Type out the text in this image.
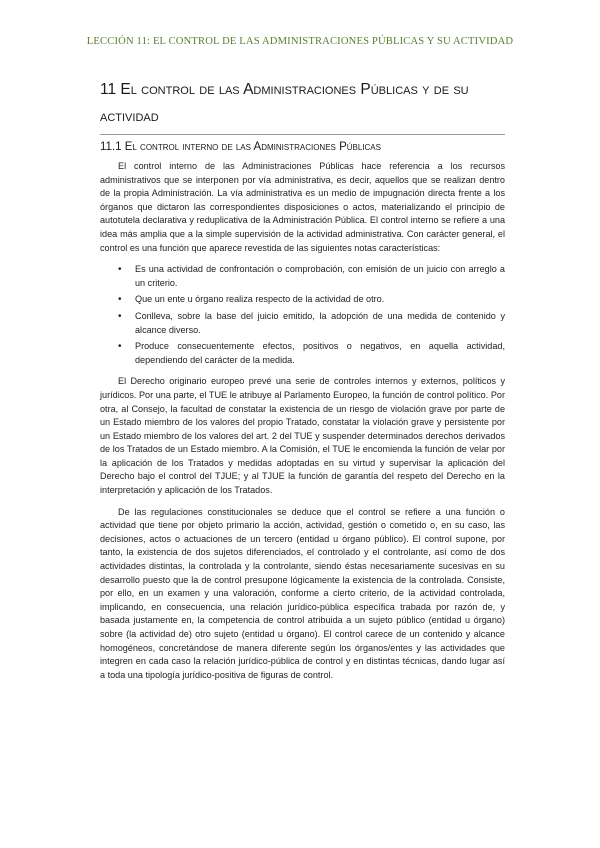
LECCIÓN 11: EL CONTROL DE LAS ADMINISTRACIONES PÚBLICAS Y SU ACTIVIDAD
11 El control de las Administraciones Públicas y de su actividad
11.1 El control interno de las Administraciones Públicas

El control interno de las Administraciones Públicas hace referencia a los recursos administrativos que se interponen por vía administrativa, es decir, aquellos que se realizan dentro de la propia Administración. La vía administrativa es un medio de impugnación directa frente a los órganos que dictaron las correspondientes disposiciones o actos, materializando el principio de autotutela declarativa y reduplicativa de la Administración Pública. El control interno se refiere a una idea más amplia que a la simple supervisión de la actividad administrativa. Con carácter general, el control es una función que aparece revestida de las siguientes notas características:

• Es una actividad de confrontación o comprobación, con emisión de un juicio con arreglo a un criterio.
• Que un ente u órgano realiza respecto de la actividad de otro.
• Conlleva, sobre la base del juicio emitido, la adopción de una medida de contenido y alcance diverso.
• Produce consecuentemente efectos, positivos o negativos, en aquella actividad, dependiendo del carácter de la medida.

El Derecho originario europeo prevé una serie de controles internos y externos, políticos y jurídicos. Por una parte, el TUE le atribuye al Parlamento Europeo, la función de control político. Por otra, al Consejo, la facultad de constatar la existencia de un riesgo de violación grave por parte de un Estado miembro de los valores del propio Tratado, constatar la violación grave y persistente por un Estado miembro de los valores del art. 2 del TUE y suspender determinados derechos derivados de los Tratados de un Estado miembro. A la Comisión, el TUE le encomienda la función de velar por la aplicación de los Tratados y medidas adoptadas en su virtud y supervisar la aplicación del Derecho bajo el control del TJUE; y al TJUE la función de garantía del respeto del Derecho en la interpretación y aplicación de los Tratados.

De las regulaciones constitucionales se deduce que el control se refiere a una función o actividad que tiene por objeto primario la acción, actividad, gestión o cometido o, en su caso, las decisiones, actos o actuaciones de un tercero (entidad u órgano público). El control supone, por tanto, la existencia de dos sujetos diferenciados, el controlado y el controlante, así como de dos actividades distintas, la controlada y la controlante, siendo éstas necesariamente sucesivas en su desarrollo puesto que la de control presupone lógicamente la existencia de la controlada. Consiste, por ello, en un examen y una valoración, conforme a cierto criterio, de la actividad controlada, implicando, en consecuencia, una relación jurídico-pública específica trabada por razón de, y basada justamente en, la competencia de control atribuida a un sujeto público (entidad u órgano) sobre (la actividad de) otro sujeto (entidad u órgano). El control carece de un contenido y alcance homogéneos, concretándose de manera diferente según los órganos/entes y las actividades que integren en cada caso la relación jurídico-pública de control y en distintas técnicas, dando lugar así a toda una tipología jurídico-positiva de figuras de control.
